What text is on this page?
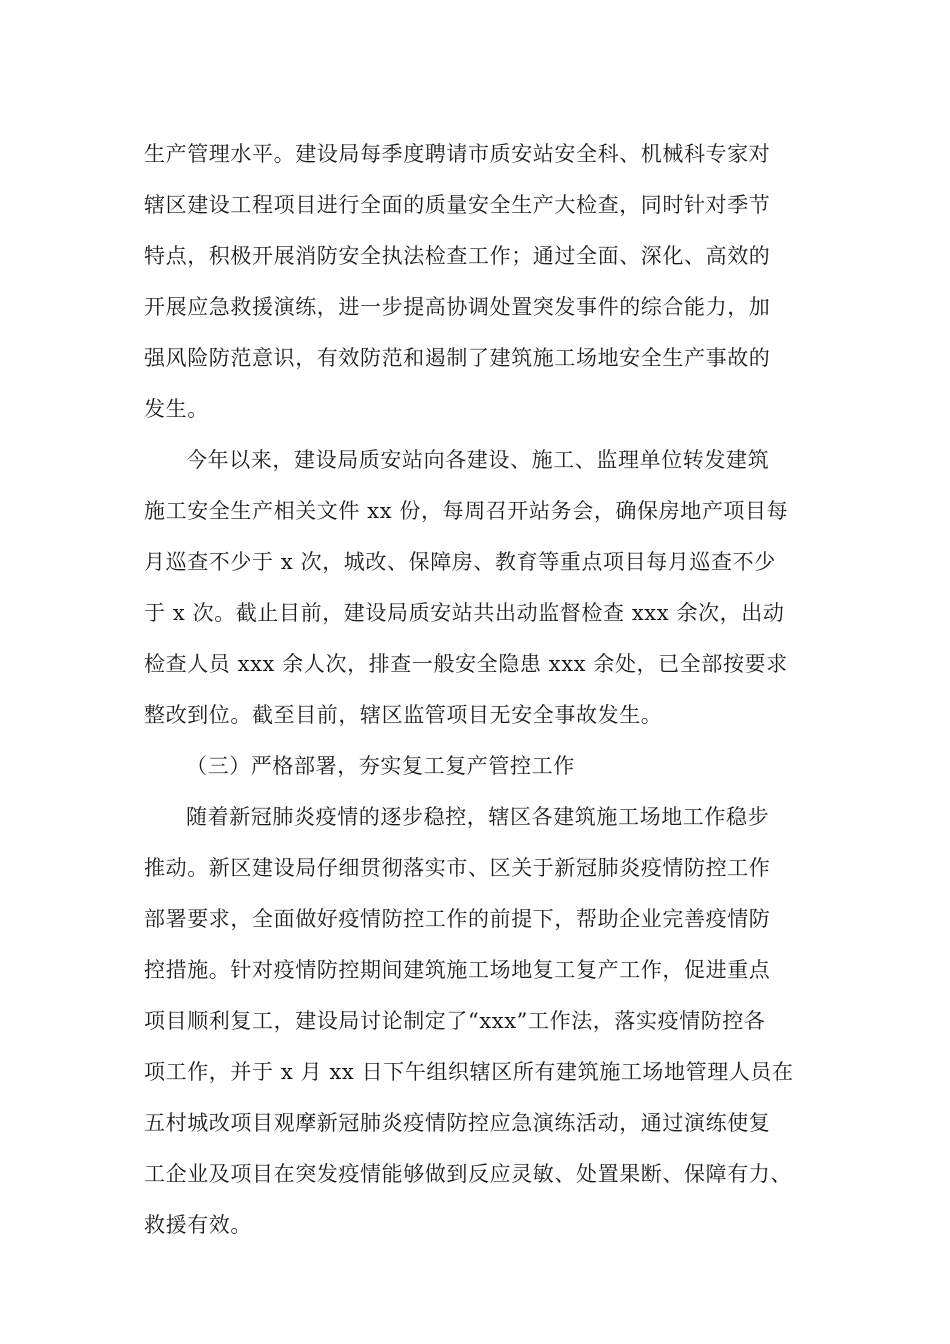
生产管理水平。建设局每季度聘请市质安站安全科、机械科专家对
辖区建设工程项目进行全面的质量安全生产大检查，同时针对季节
特点，积极开展消防安全执法检查工作；通过全面、深化、高效的
开展应急救援演练，进一步提高协调处置突发事件的综合能力，加
强风险防范意识，有效防范和遏制了建筑施工场地安全生产事故的
发生。
今年以来，建设局质安站向各建设、施工、监理单位转发建筑
施工安全生产相关文件 xx 份，每周召开站务会，确保房地产项目每
月巡查不少于 x 次，城改、保障房、教育等重点项目每月巡查不少
于 x 次。截止目前，建设局质安站共出动监督检查 xxx 余次，出动
检查人员 xxx 余人次，排查一般安全隐患 xxx 余处，已全部按要求
整改到位。截至目前，辖区监管项目无安全事故发生。
（三）严格部署，夯实复工复产管控工作
随着新冠肺炎疫情的逐步稳控，辖区各建筑施工场地工作稳步
推动。新区建设局仔细贯彻落实市、区关于新冠肺炎疫情防控工作
部署要求，全面做好疫情防控工作的前提下，帮助企业完善疫情防
控措施。针对疫情防控期间建筑施工场地复工复产工作，促进重点
项目顺利复工，建设局讨论制定了“xxx”工作法，落实疫情防控各
项工作，并于 x 月 xx 日下午组织辖区所有建筑施工场地管理人员在
五村城改项目观摩新冠肺炎疫情防控应急演练活动，通过演练使复
工企业及项目在突发疫情能够做到反应灵敏、处置果断、保障有力、
救援有效。
